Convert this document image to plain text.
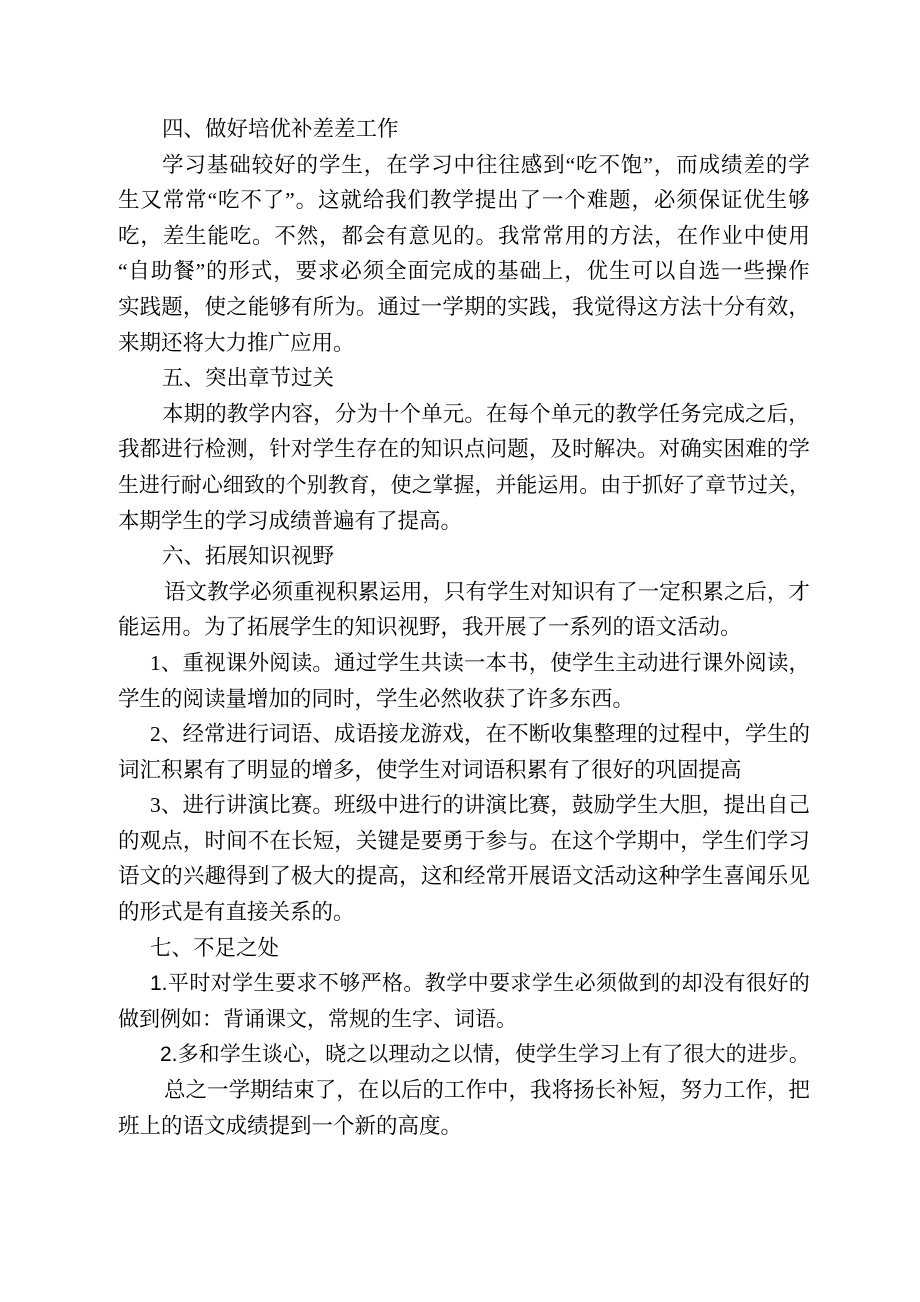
四、做好培优补差差工作
学 习 基 础 较 好 的 学 生 ， 在 学 习 中 往 往 感 到 “ 吃 不 饱 ” ， 而 成 绩 差 的 学
生 又 常 常 “ 吃 不 了 ” 。 这 就 给 我 们 教 学 提 出 了 一 个 难 题 ， 必 须 保 证 优 生 够
吃 ， 差 生 能 吃 。 不 然 ， 都 会 有 意 见 的 。 我 常 常 用 的 方 法 ， 在 作 业 中 使 用
“ 自 助 餐 ” 的 形 式 ， 要 求 必 须 全 面 完 成 的 基 础 上 ， 优 生 可 以 自 选 一 些 操 作
实 践 题 ， 使 之 能 够 有 所 为 。 通 过 一 学 期 的 实 践 ， 我 觉 得 这 方 法 十 分 有 效 ，
来期还将大力推广应用。
五、突出章节过关
本 期 的 教 学 内 容 ， 分 为 十 个 单 元 。 在 每 个 单 元 的 教 学 任 务 完 成 之 后 ，
我 都 进 行 检 测 ， 针 对 学 生 存 在 的 知 识 点 问 题 ， 及 时 解 决 。 对 确 实 困 难 的 学
生 进 行 耐 心 细 致 的 个 别 教 育 ， 使 之 掌 握 ， 并 能 运 用 。 由 于 抓 好 了 章 节 过 关 ，
本期学生的学习成绩普遍有了提高。
六、拓展知识视野
语 文 教 学 必 须 重 视 积 累 运 用 ， 只 有 学 生 对 知 识 有 了 一 定 积 累 之 后 ， 才
能运用。为了拓展学生的知识视野，我开展了一系列的语文活动。
1 、 重 视 课 外 阅 读 。 通 过 学 生 共 读 一 本 书 ， 使 学 生 主 动 进 行 课 外 阅 读 ，
学生的阅读量增加的同时，学生必然收获了许多东西。
2 、 经 常 进 行 词 语 、 成 语 接 龙 游 戏 ， 在 不 断 收 集 整 理 的 过 程 中 ， 学 生 的
词汇积累有了明显的增多，使学生对词语积累有了很好的巩固提高
3 、 进 行 讲 演 比 赛 。 班 级 中 进 行 的 讲 演 比 赛 ， 鼓 励 学 生 大 胆 ， 提 出 自 己
的 观 点 ， 时 间 不 在 长 短 ， 关 键 是 要 勇 于 参 与 。 在 这 个 学 期 中 ， 学 生 们 学 习
语 文 的 兴 趣 得 到 了 极 大 的 提 高 ， 这 和 经 常 开 展 语 文 活 动 这 种 学 生 喜 闻 乐 见
的形式是有直接关系的。
七、不足之处
1. 平 时 对 学 生 要 求 不 够 严 格 。 教 学 中 要 求 学 生 必 须 做 到 的 却 没 有 很 好 的
做到例如：背诵课文，常规的生字、词语。
2. 多 和 学 生 谈 心 ， 晓 之 以 理 动 之 以 情 ， 使 学 生 学 习 上 有 了 很 大 的 进 步 。
总 之 一 学 期 结 束 了 ， 在 以 后 的 工 作 中 ， 我 将 扬 长 补 短 ， 努 力 工 作 ， 把
班上的语文成绩提到一个新的高度。
